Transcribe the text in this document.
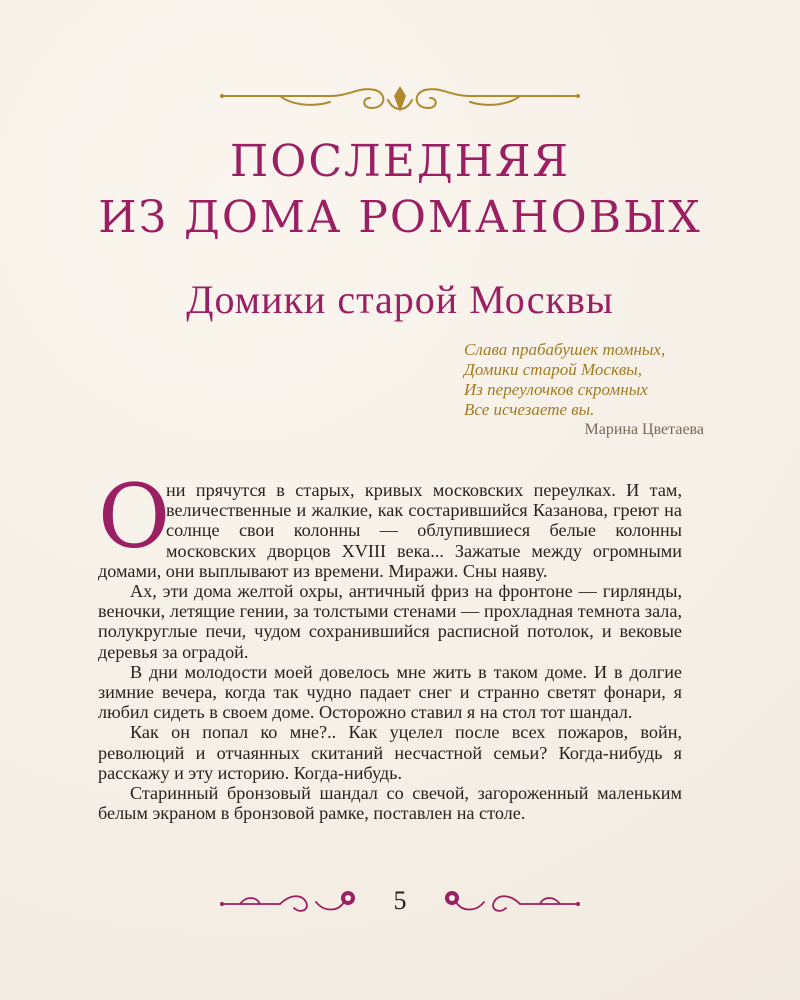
ПОСЛЕДНЯЯ
ИЗ ДОМА РОМАНОВЫХ
Домики старой Москвы
Слава прабабушек томных,
Домики старой Москвы,
Из переулочков скромных
Все исчезаете вы.
Марина Цветаева

О
ни прячутся в старых, кривых московских переулках. И там, величественные и жалкие, как состарившийся Казанова, греют на солнце свои колонны — облупившиеся белые колонны московских дворцов XVIII века... Зажатые между огромными домами, они выплывают из времени. Миражи. Сны наяву.

Ах, эти дома желтой охры, античный фриз на фронтоне — гирлянды, веночки, летящие гении, за толстыми стенами — прохладная темнота зала, полукруглые печи, чудом сохранившийся расписной потолок, и вековые деревья за оградой.

В дни молодости моей довелось мне жить в таком доме. И в долгие зимние вечера, когда так чудно падает снег и странно светят фонари, я любил сидеть в своем доме. Осторожно ставил я на стол тот шандал.

Как он попал ко мне?.. Как уцелел после всех пожаров, войн, революций и отчаянных скитаний несчастной семьи? Когда-нибудь я расскажу и эту историю. Когда-нибудь.

Старинный бронзовый шандал со свечой, загороженный маленьким белым экраном в бронзовой рамке, поставлен на столе.

5
